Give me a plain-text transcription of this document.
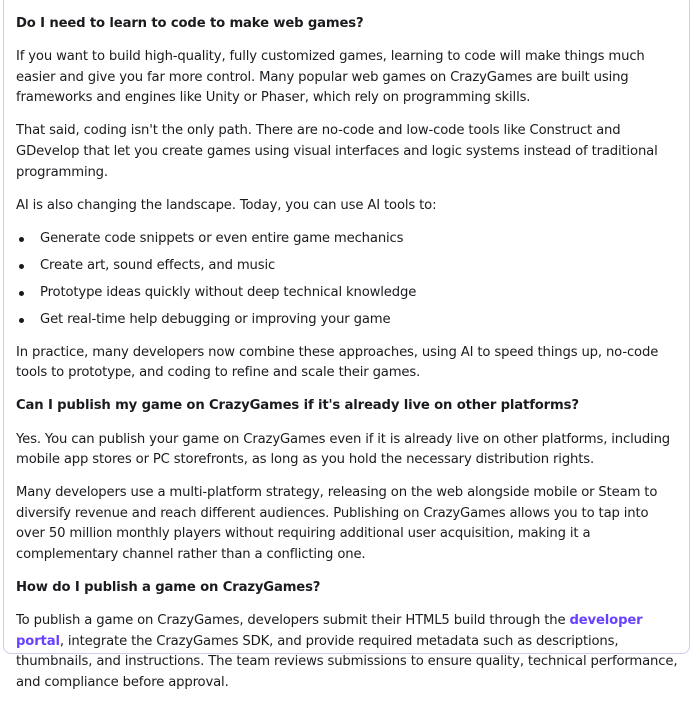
Do I need to learn to code to make web games?

If you want to build high-quality, fully customized games, learning to code will make things much easier and give you far more control. Many popular web games on CrazyGames are built using frameworks and engines like Unity or Phaser, which rely on programming skills.

That said, coding isn't the only path. There are no-code and low-code tools like Construct and GDevelop that let you create games using visual interfaces and logic systems instead of traditional programming.

AI is also changing the landscape. Today, you can use AI tools to:

Generate code snippets or even entire game mechanics
Create art, sound effects, and music
Prototype ideas quickly without deep technical knowledge
Get real-time help debugging or improving your game

In practice, many developers now combine these approaches, using AI to speed things up, no-code tools to prototype, and coding to refine and scale their games.

Can I publish my game on CrazyGames if it's already live on other platforms?

Yes. You can publish your game on CrazyGames even if it is already live on other platforms, including mobile app stores or PC storefronts, as long as you hold the necessary distribution rights.

Many developers use a multi-platform strategy, releasing on the web alongside mobile or Steam to diversify revenue and reach different audiences. Publishing on CrazyGames allows you to tap into over 50 million monthly players without requiring additional user acquisition, making it a complementary channel rather than a conflicting one.

How do I publish a game on CrazyGames?

To publish a game on CrazyGames, developers submit their HTML5 build through the developer portal, integrate the CrazyGames SDK, and provide required metadata such as descriptions, thumbnails, and instructions. The team reviews submissions to ensure quality, technical performance, and compliance before approval.
